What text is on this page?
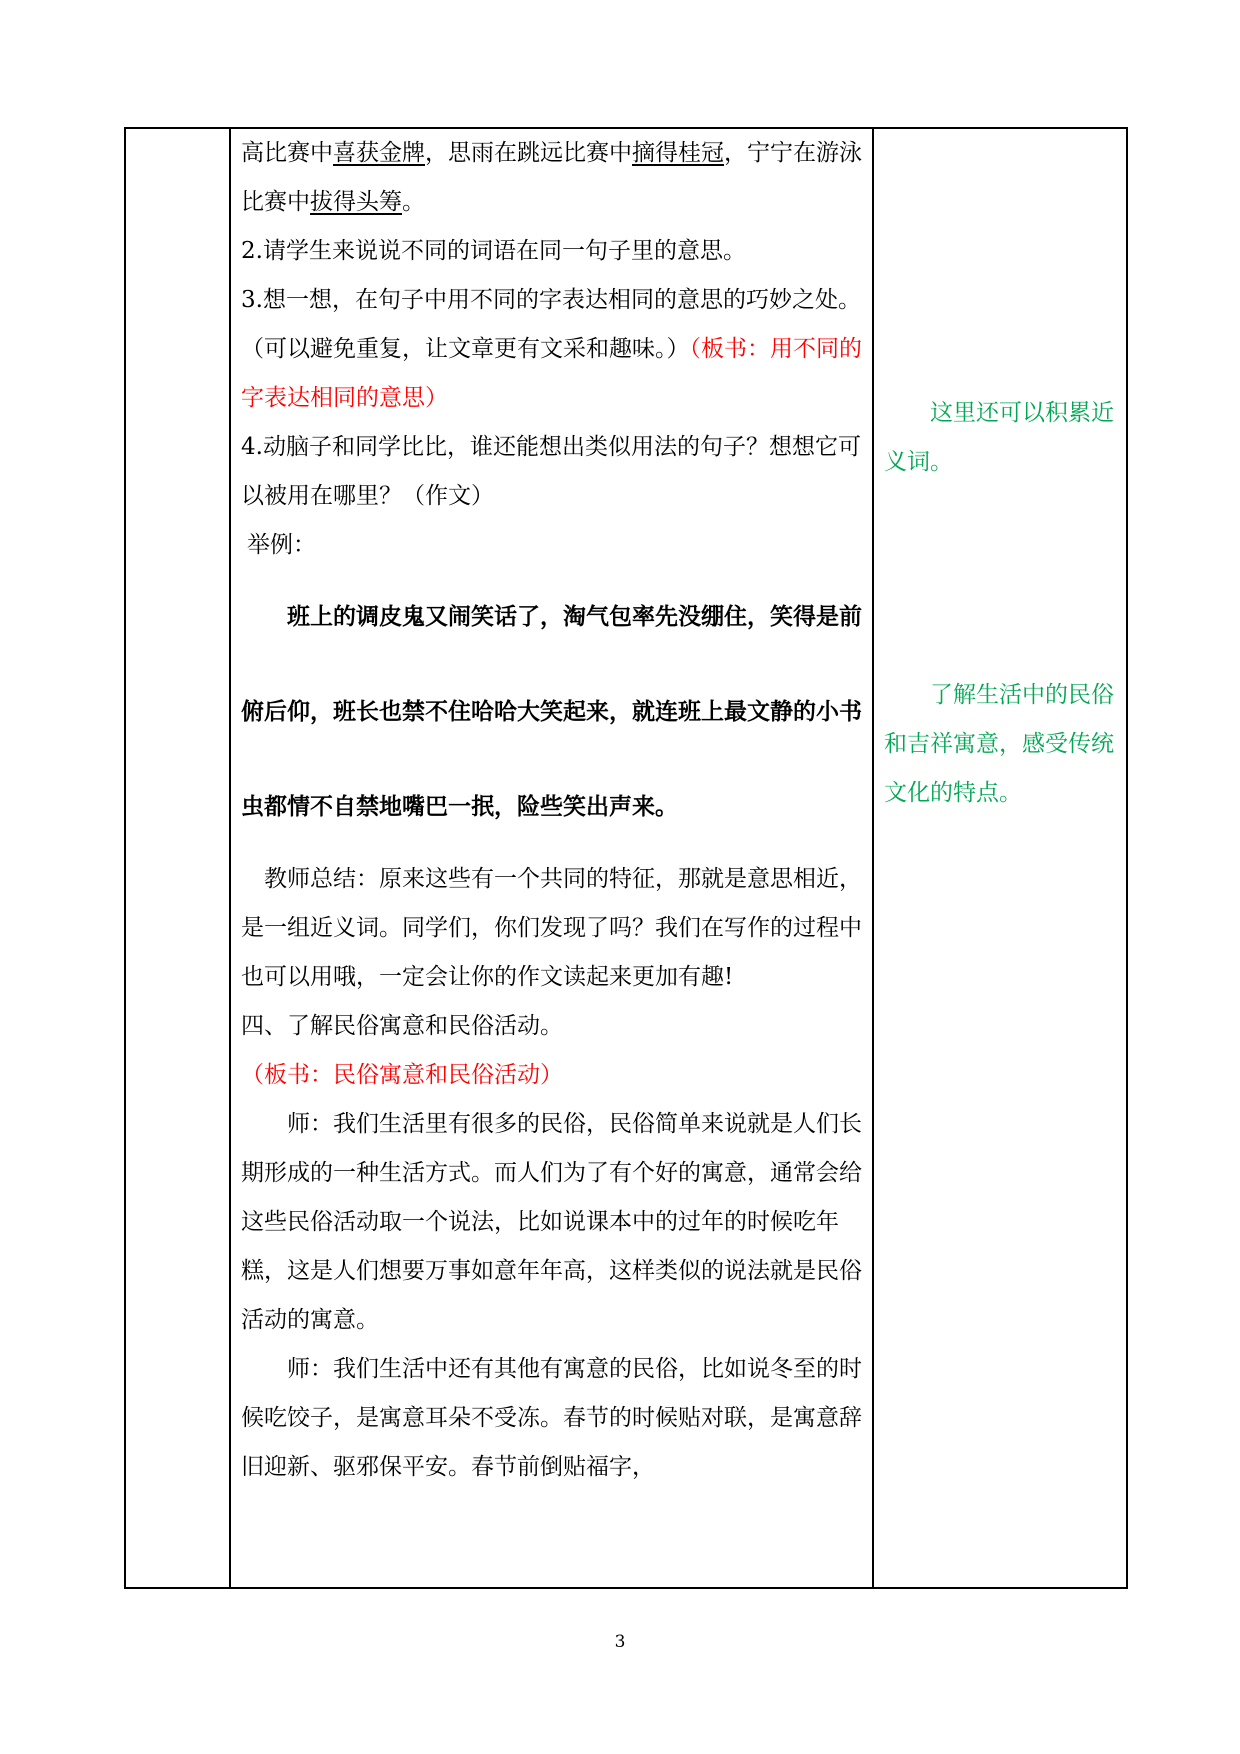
高比赛中喜获金牌，思雨在跳远比赛中摘得桂冠，宁宁在游泳比赛中拔得头筹。

2.请学生来说说不同的词语在同一句子里的意思。

3.想一想，在句子中用不同的字表达相同的意思的巧妙之处。（可以避免重复，让文章更有文采和趣味。）（板书：用不同的字表达相同的意思）

4.动脑子和同学比比，谁还能想出类似用法的句子？想想它可以被用在哪里？（作文）

举例：

班上的调皮鬼又闹笑话了，淘气包率先没绷住，笑得是前俯后仰，班长也禁不住哈哈大笑起来，就连班上最文静的小书虫都情不自禁地嘴巴一抿，险些笑出声来。

教师总结：原来这些有一个共同的特征，那就是意思相近，是一组近义词。同学们，你们发现了吗？我们在写作的过程中也可以用哦，一定会让你的作文读起来更加有趣!

四、了解民俗寓意和民俗活动。（板书：民俗寓意和民俗活动）

师：我们生活里有很多的民俗，民俗简单来说就是人们长期形成的一种生活方式。而人们为了有个好的寓意，通常会给这些民俗活动取一个说法，比如说课本中的过年的时候吃年糕，这是人们想要万事如意年年高，这样类似的说法就是民俗活动的寓意。

师：我们生活中还有其他有寓意的民俗，比如说冬至的时候吃饺子，是寓意耳朵不受冻。春节的时候贴对联，是寓意辞旧迎新、驱邪保平安。春节前倒贴福字，

这里还可以积累近义词。

了解生活中的民俗和吉祥寓意，感受传统文化的特点。

3
